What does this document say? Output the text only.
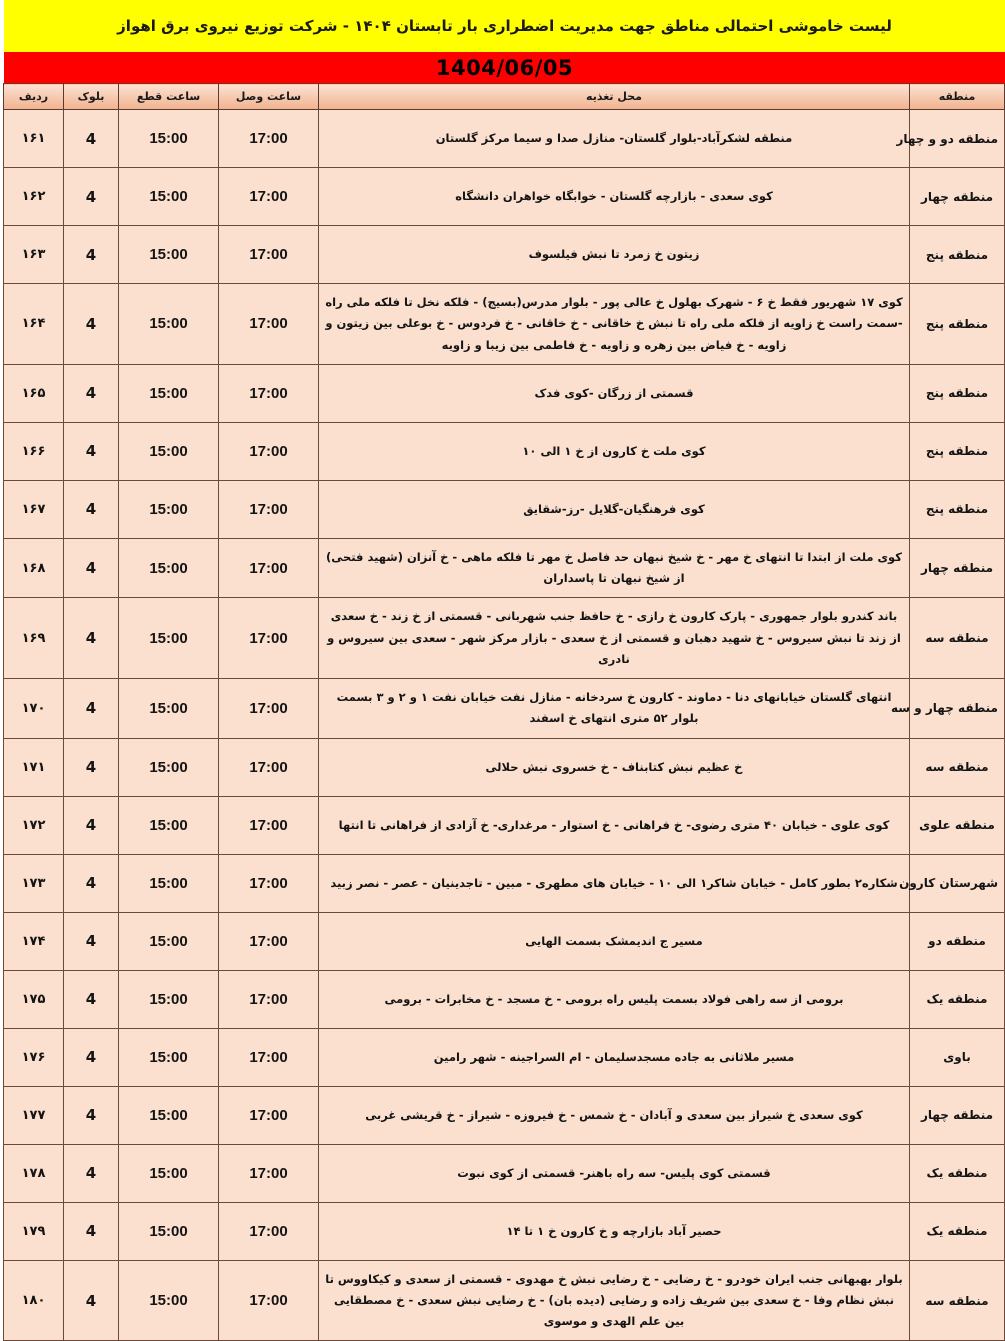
لیست خاموشی احتمالی مناطق جهت مدیریت اضطراری بار تابستان ۱۴۰۴ - شرکت توزیع نیروی برق اهواز
1404/06/05
منطقه	محل تغذیه	ساعت وصل	ساعت قطع	بلوک	ردیف
منطقه دو و چهار	منطقه لشکرآباد-بلوار گلستان- منازل صدا و سیما مرکز گلستان	17:00	15:00	4	۱۶۱
منطقه چهار	کوی سعدی - بازارچه گلستان - خوابگاه خواهران دانشگاه	17:00	15:00	4	۱۶۲
منطقه پنج	زیتون خ زمرد تا نبش فیلسوف	17:00	15:00	4	۱۶۳
منطقه پنج	کوی ۱۷ شهریور فقط خ ۶ - شهرک بهلول خ عالی پور - بلوار مدرس(بسیج) - فلکه نخل تا فلکه ملی راه -سمت راست خ زاویه از فلکه ملی راه تا نبش خ خاقانی - خ خاقانی - خ فردوس - خ بوعلی بین زیتون و زاویه - خ فیاض بین زهره و زاویه - خ فاطمی بین زیبا و زاویه	17:00	15:00	4	۱۶۴
منطقه پنج	قسمتی از زرگان -کوی فدک	17:00	15:00	4	۱۶۵
منطقه پنج	کوی ملت خ کارون از خ ۱ الی ۱۰	17:00	15:00	4	۱۶۶
منطقه پنج	کوی فرهنگیان-گلایل -رز-شقایق	17:00	15:00	4	۱۶۷
منطقه چهار	کوی ملت از ابتدا تا انتهای خ مهر - خ شیخ نبهان حد فاصل خ مهر تا فلکه ماهی - خ آنزان (شهید فتحی) از شیخ نبهان تا پاسداران	17:00	15:00	4	۱۶۸
منطقه سه	باند کندرو بلوار جمهوری - پارک کارون خ رازی - خ حافظ جنب شهربانی - قسمتی از خ زند - خ سعدی از زند تا نبش سیروس - خ شهید دهبان و قسمتی از خ سعدی - بازار مرکز شهر - سعدی بین سیروس و نادری	17:00	15:00	4	۱۶۹
منطقه چهار و سه	انتهای گلستان خیابانهای دنا - دماوند - کارون خ سردخانه - منازل نفت خیابان نفت ۱ و ۲ و ۳ بسمت بلوار ۵۲ متری انتهای خ اسفند	17:00	15:00	4	۱۷۰
منطقه سه	خ عظیم نبش کتابناف - خ خسروی نبش حلالی	17:00	15:00	4	۱۷۱
منطقه علوی	کوی علوی - خیابان ۴۰ متری رضوی- خ فراهانی - خ استوار - مرغداری- خ آزادی از فراهانی تا انتها	17:00	15:00	4	۱۷۲
شهرستان کارون	شکاره۲ بطور کامل - خیابان شاکر۱ الی ۱۰ - خیابان های مطهری - مبین - تاجدینیان - عصر - نصر زبید	17:00	15:00	4	۱۷۳
منطقه دو	مسیر ج اندیمشک بسمت الهایی	17:00	15:00	4	۱۷۴
منطقه یک	برومی از سه راهی فولاد بسمت پلیس راه برومی - خ مسجد - خ مخابرات - برومی	17:00	15:00	4	۱۷۵
باوی	مسیر ملاثانی به جاده مسجدسلیمان - ام السراجینه - شهر رامین	17:00	15:00	4	۱۷۶
منطقه چهار	کوی سعدی خ شیراز بین سعدی و آبادان - خ شمس - خ فیروزه - شیراز - خ قریشی غربی	17:00	15:00	4	۱۷۷
منطقه یک	قسمتی کوی پلیس- سه راه باهنر- قسمتی از کوی نبوت	17:00	15:00	4	۱۷۸
منطقه یک	حصیر آباد بازارچه و خ کارون خ ۱ تا ۱۴	17:00	15:00	4	۱۷۹
منطقه سه	بلوار بهبهانی جنب ایران خودرو - خ رضایی - خ رضایی نبش خ مهدوی - قسمتی از سعدی و کیکاووس تا نبش نظام وفا - خ سعدی بین شریف زاده و رضایی (دیده بان) - خ رضایی نبش سعدی - خ مصطقایی بین علم الهدی و موسوی	17:00	15:00	4	۱۸۰
